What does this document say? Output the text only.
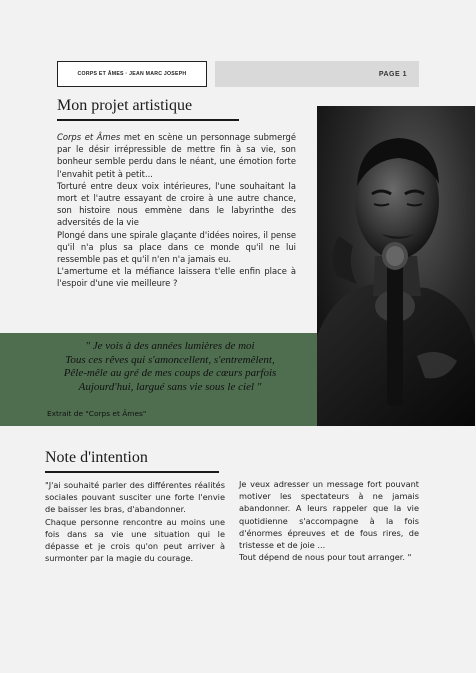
CORPS ET ÂMES · JEAN MARC JOSEPH	PAGE 1
Mon projet artistique

Corps et Âmes met en scène un personnage submergé par le désir irrépressible de mettre fin à sa vie, son bonheur semble perdu dans le néant, une émotion forte l'envahit petit à petit...

Torturé entre deux voix intérieures, l'une souhaitant la mort et l'autre essayant de croire à une autre chance, son histoire nous emmène dans le labyrinthe des adversités de la vie

Plongé dans une spirale glaçante d'idées noires, il pense qu'il n'a plus sa place dans ce monde qu'il ne lui ressemble pas et qu'il n'en n'a jamais eu.

L'amertume et la méfiance laissera t'elle enfin place à l'espoir d'une vie meilleure ?

" Je vois à des années lumières de moi
Tous ces rêves qui s'amoncellent, s'entremêlent,
Pêle-mêle au gré de mes coups de cœurs parfois
Aujourd'hui, largué sans vie sous le ciel "
Extrait de "Corps et Âmes"
Note d'intention

"J'ai souhaité parler des différentes réalités sociales pouvant susciter une forte l'envie de baisser les bras, d'abandonner.

Chaque personne rencontre au moins une fois dans sa vie une situation qui le dépasse et je crois qu'on peut arriver à surmonter par la magie du courage.

Je veux adresser un message fort pouvant motiver les spectateurs à ne jamais abandonner. A leurs rappeler que la vie quotidienne s'accompagne à la fois d'énormes épreuves et de fous rires, de tristesse et de joie ...

Tout dépend de nous pour tout arranger. "
